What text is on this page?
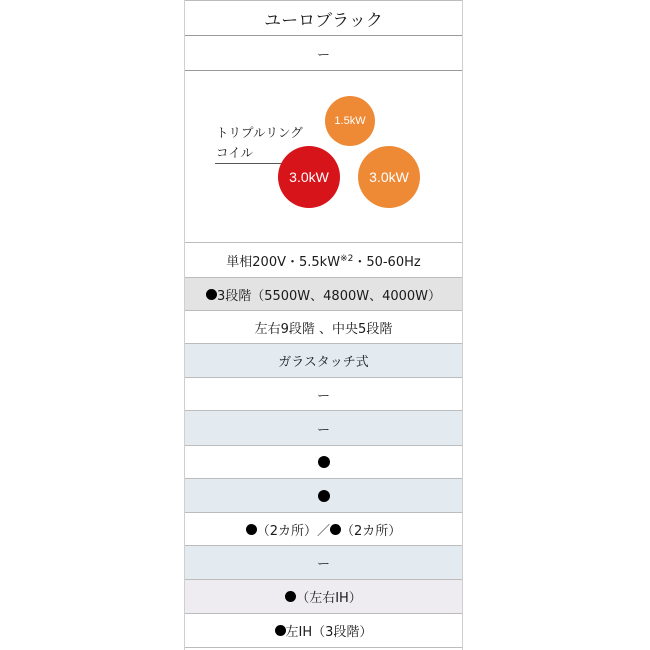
ユーロブラック
ー
トリプルリング
コイル
1.5kW
3.0kW	3.0kW
単相200V・$5.5kW^{※2}$・50-60Hz
3段階（5500W、4800W、4000W）
左右9段階 、中央5段階
ガラスタッチ式
ー
ー
（2カ所） ／ （2カ所）
ー
（左右IH）
左IH（3段階）
